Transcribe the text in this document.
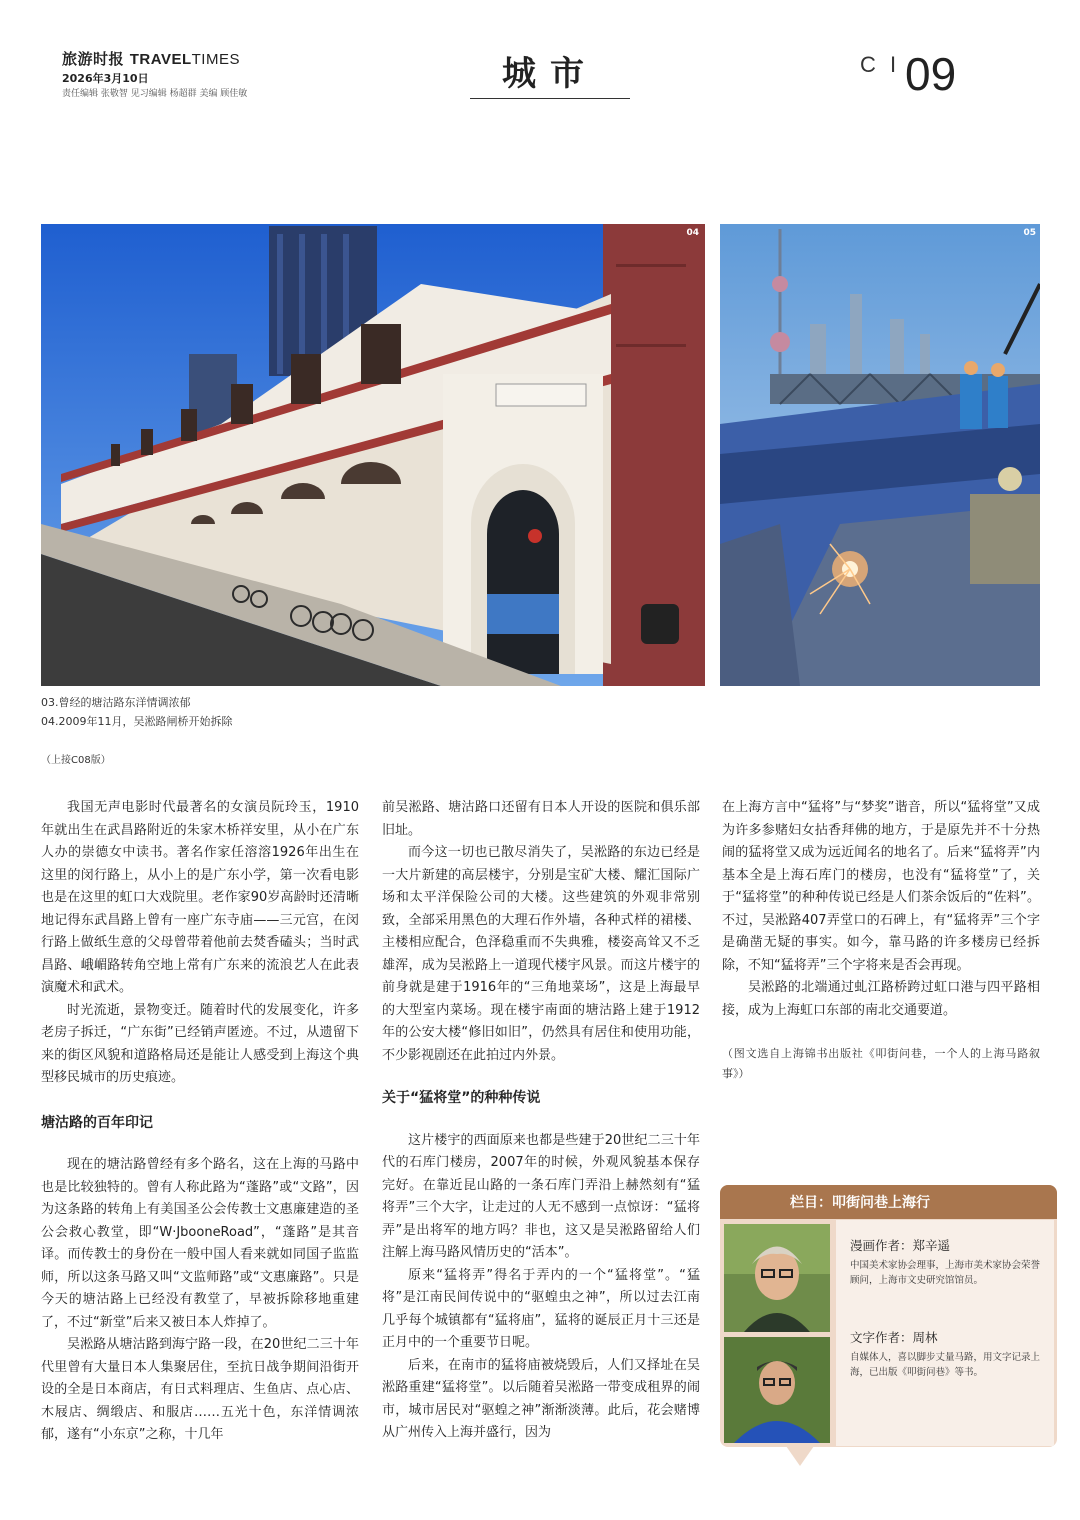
旅游时报 TRAVELTIMES
2026年3月10日
责任编辑 张敬智 见习编辑 杨超群 美编 顾佳敏	城市	C I 09
04	05
03.曾经的塘沽路东洋情调浓郁
04.2009年11月，吴淞路闸桥开始拆除
（上接C08版）

我国无声电影时代最著名的女演员阮玲玉，1910年就出生在武昌路附近的朱家木桥祥安里，从小在广东人办的崇德女中读书。著名作家任溶溶1926年出生在这里的闵行路上，从小上的是广东小学，第一次看电影也是在这里的虹口大戏院里。老作家90岁高龄时还清晰地记得东武昌路上曾有一座广东寺庙——三元宫，在闵行路上做纸生意的父母曾带着他前去焚香磕头；当时武昌路、峨嵋路转角空地上常有广东来的流浪艺人在此表演魔术和武术。

时光流逝，景物变迁。随着时代的发展变化，许多老房子拆迁，“广东街”已经销声匿迹。不过，从遗留下来的街区风貌和道路格局还是能让人感受到上海这个典型移民城市的历史痕迹。

塘沽路的百年印记

现在的塘沽路曾经有多个路名，这在上海的马路中也是比较独特的。曾有人称此路为“蓬路”或“文路”，因为这条路的转角上有美国圣公会传教士文惠廉建造的圣公会救心教堂，即“W·JbooneRoad”，“蓬路”是其音译。而传教士的身份在一般中国人看来就如同国子监监师，所以这条马路又叫“文监师路”或“文惠廉路”。只是今天的塘沽路上已经没有教堂了，早被拆除移地重建了，不过“新堂”后来又被日本人炸掉了。

吴淞路从塘沽路到海宁路一段，在20世纪二三十年代里曾有大量日本人集聚居住，至抗日战争期间沿街开设的全是日本商店，有日式料理店、生鱼店、点心店、木屐店、绸缎店、和服店……五光十色，东洋情调浓郁，遂有“小东京”之称，十几年

前吴淞路、塘沽路口还留有日本人开设的医院和俱乐部旧址。

而今这一切也已散尽消失了，吴淞路的东边已经是一大片新建的高层楼宇，分别是宝矿大楼、耀汇国际广场和太平洋保险公司的大楼。这些建筑的外观非常别致，全部采用黑色的大理石作外墙，各种式样的裙楼、主楼相应配合，色泽稳重而不失典雅，楼姿高耸又不乏雄浑，成为吴淞路上一道现代楼宇风景。而这片楼宇的前身就是建于1916年的“三角地菜场”，这是上海最早的大型室内菜场。现在楼宇南面的塘沽路上建于1912年的公安大楼“修旧如旧”，仍然具有居住和使用功能，不少影视剧还在此拍过内外景。

关于“猛将堂”的种种传说

这片楼宇的西面原来也都是些建于20世纪二三十年代的石库门楼房，2007年的时候，外观风貌基本保存完好。在靠近昆山路的一条石库门弄沿上赫然刻有“猛将弄”三个大字，让走过的人无不感到一点惊讶：“猛将弄”是出将军的地方吗？非也，这又是吴淞路留给人们注解上海马路风情历史的“活本”。

原来“猛将弄”得名于弄内的一个“猛将堂”。“猛将”是江南民间传说中的“驱蝗虫之神”，所以过去江南几乎每个城镇都有“猛将庙”，猛将的诞辰正月十三还是正月中的一个重要节日呢。

后来，在南市的猛将庙被烧毁后，人们又择址在吴淞路重建“猛将堂”。以后随着吴淞路一带变成租界的闹市，城市居民对“驱蝗之神”渐渐淡薄。此后，花会赌博从广州传入上海并盛行，因为

在上海方言中“猛将”与“梦奖”谐音，所以“猛将堂”又成为许多参赌妇女拈香拜佛的地方，于是原先并不十分热闹的猛将堂又成为远近闻名的地名了。后来“猛将弄”内基本全是上海石库门的楼房，也没有“猛将堂”了，关于“猛将堂”的种种传说已经是人们茶余饭后的“佐料”。不过，吴淞路407弄堂口的石碑上，有“猛将弄”三个字是确凿无疑的事实。如今，靠马路的许多楼房已经拆除，不知“猛将弄”三个字将来是否会再现。

吴淞路的北端通过虬江路桥跨过虹口港与四平路相接，成为上海虹口东部的南北交通要道。

（图文选自上海锦书出版社《叩街问巷，一个人的上海马路叙事》）
栏目：叩街问巷上海行
漫画作者：郑辛遥
中国美术家协会理事，上海市美术家协会荣誉顾问，上海市文史研究馆馆员。
文字作者：周林
自媒体人，喜以脚步丈量马路，用文字记录上海，已出版《叩街问巷》等书。
